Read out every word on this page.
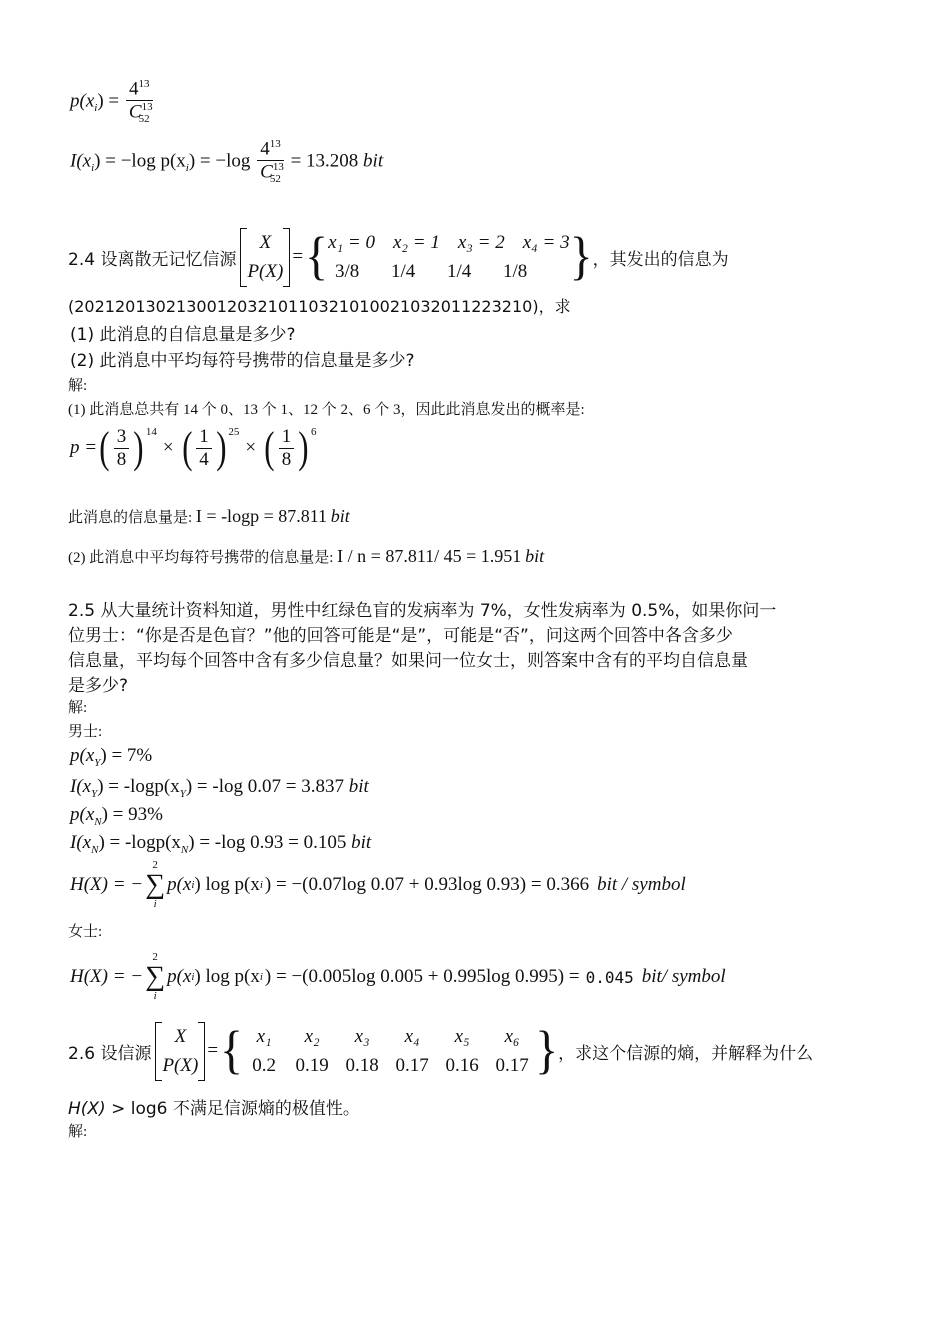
$p(x_i) = \frac{4^{13}}{C^{13}_{52}}$
$I(x_i) = -\log$ $p(x_i) = -\log \frac{4^{13}}{C^{13}_{52}} = 13.208$ bit
2.4 设离散无记忆信源
X
P(X)
= { x₁ = 0 x₂ = 1 x₃ = 2 x₄ = 3
3/8	1/4	1/4	1/8 } ，其发出的信息为
(202120130213001203210110321010021032011223210)，求
(1) 此消息的自信息量是多少?
(2) 此消息中平均每符号携带的信息量是多少?
解:
(1) 此消息总共有 14 个 0、13 个 1、12 个 2、6 个 3，因此此消息发出的概率是:
p = ( $\frac{3}{8} )^{14}$
× ( $\frac{1}{4} )^{25}$
× ( $\frac{1}{8} )^6$
此消息的信息量是: I = -logp = 87.811 bit
(2) 此消息中平均每符号携带的信息量是: I / n = 87.811/ 45 = 1.951 bit
2.5 从大量统计资料知道，男性中红绿色盲的发病率为 7%，女性发病率为 0.5%，如果你问一
位男士：“你是否是色盲？”他的回答可能是“是”，可能是“否”，问这两个回答中各含多少
信息量，平均每个回答中含有多少信息量？如果问一位女士，则答案中含有的平均自信息量
是多少?
解:
男士:
$p(x_Y) = 7\%$
$I(x_Y) = -\log p(x_Y) = -\log$ 0.07 = 3.837 bit
$p(x_N) = 93\%$
$I(x_N) = -\log p(x_N) = -\log$ 0.93 = 0.105 bit
H(X) = −
2
∑
i
p(x i ) log p(x i ) = −(0.07log 0.07 + 0.93log 0.93) = 0.366 bit / symbol
女士:
H(X) = −
2
∑
i
p(x i ) log p(x i ) = −(0.005log 0.005 + 0.995log 0.995) = 0.045 bit/ symbol
2.6 设信源
X
P(X)
= { x₁	x₂	x₃	x₄	x₅	x₆
0.2	0.19 0.18 0.17 0.16 0.17 } ，求这个信源的熵，并解释为什么
H(X) > log6 不满足信源熵的极值性。
解:
